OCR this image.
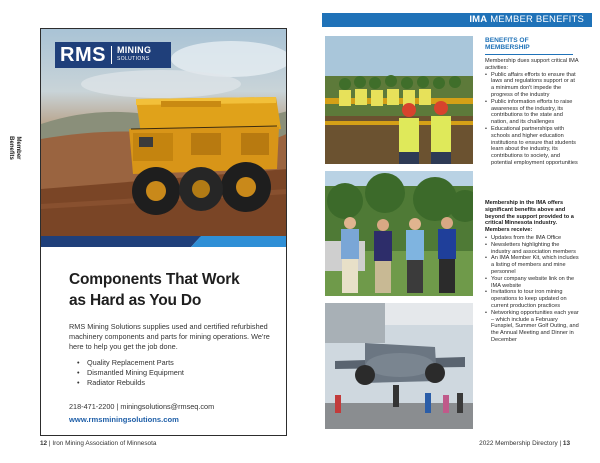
Member
Benefits
RMS MINING
SOLUTIONS
Components That Work
as Hard as You Do

RMS Mining Solutions supplies used and certified refurbished machinery components and parts for mining operations. We're here to help you get the job done.

• Quality Replacement Parts
• Dismantled Mining Equipment
• Radiator Rebuilds
218-471-2200 | miningsolutions@rmseq.com
www.rmsminingsolutions.com
12 | Iron Mining Association of Minnesota
IMA MEMBER BENEFITS
BENEFITS OF
MEMBERSHIP

Membership dues support critical IMA activities:

• Public affairs efforts to ensure that laws and regulations support or at a minimum don't impede the progress of the industry
• Public information efforts to raise awareness of the industry, its contributions to the state and nation, and its challenges
• Educational partnerships with schools and higher education institutions to ensure that students learn about the industry, its contributions to society, and potential employment opportunities

Membership in the IMA offers significant benefits above and beyond the support provided to a critical Minnesota industry. Members receive:

• Updates from the IMA Office
• Newsletters highlighting the industry and association members
• An IMA Member Kit, which includes a listing of members and mine personnel
• Your company website link on the IMA website
• Invitations to tour iron mining operations to keep updated on current production practices
• Networking opportunities each year – which include a February Funspiel, Summer Golf Outing, and the Annual Meeting and Dinner in December
2022 Membership Directory | 13
